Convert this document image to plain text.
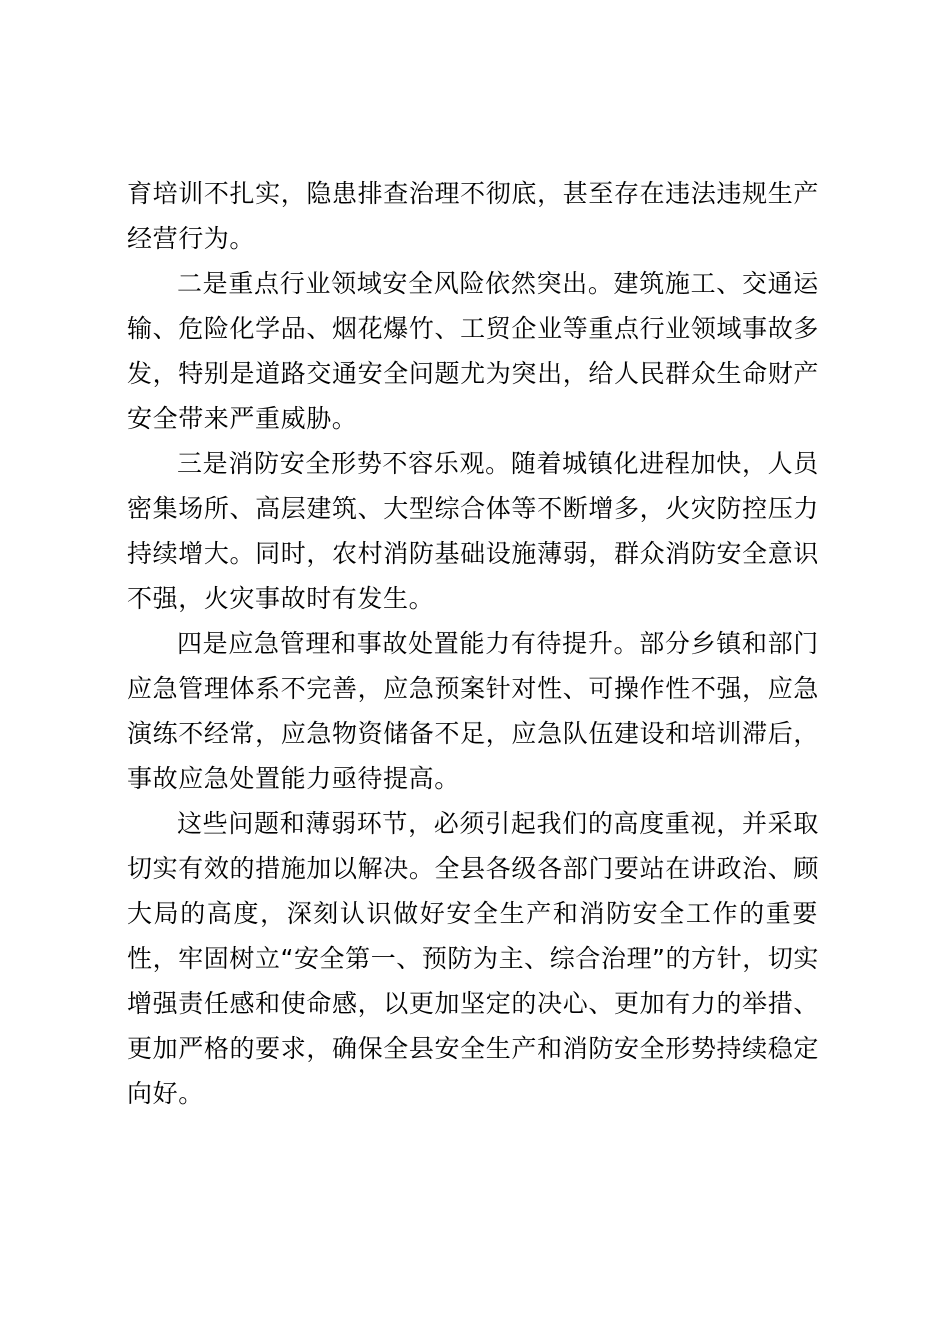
育培训不扎实，隐患排查治理不彻底，甚至存在违法违规生产
经营行为。

二是重点行业领域安全风险依然突出。建筑施工、交通运
输、危险化学品、烟花爆竹、工贸企业等重点行业领域事故多
发，特别是道路交通安全问题尤为突出，给人民群众生命财产
安全带来严重威胁。

三是消防安全形势不容乐观。随着城镇化进程加快，人员
密集场所、高层建筑、大型综合体等不断增多，火灾防控压力
持续增大。同时，农村消防基础设施薄弱，群众消防安全意识
不强，火灾事故时有发生。

四是应急管理和事故处置能力有待提升。部分乡镇和部门
应急管理体系不完善，应急预案针对性、可操作性不强，应急
演练不经常，应急物资储备不足，应急队伍建设和培训滞后，
事故应急处置能力亟待提高。

这些问题和薄弱环节，必须引起我们的高度重视，并采取
切实有效的措施加以解决。全县各级各部门要站在讲政治、顾
大局的高度，深刻认识做好安全生产和消防安全工作的重要
性，牢固树立“安全第一、预防为主、综合治理”的方针，切实
增强责任感和使命感，以更加坚定的决心、更加有力的举措、
更加严格的要求，确保全县安全生产和消防安全形势持续稳定
向好。
